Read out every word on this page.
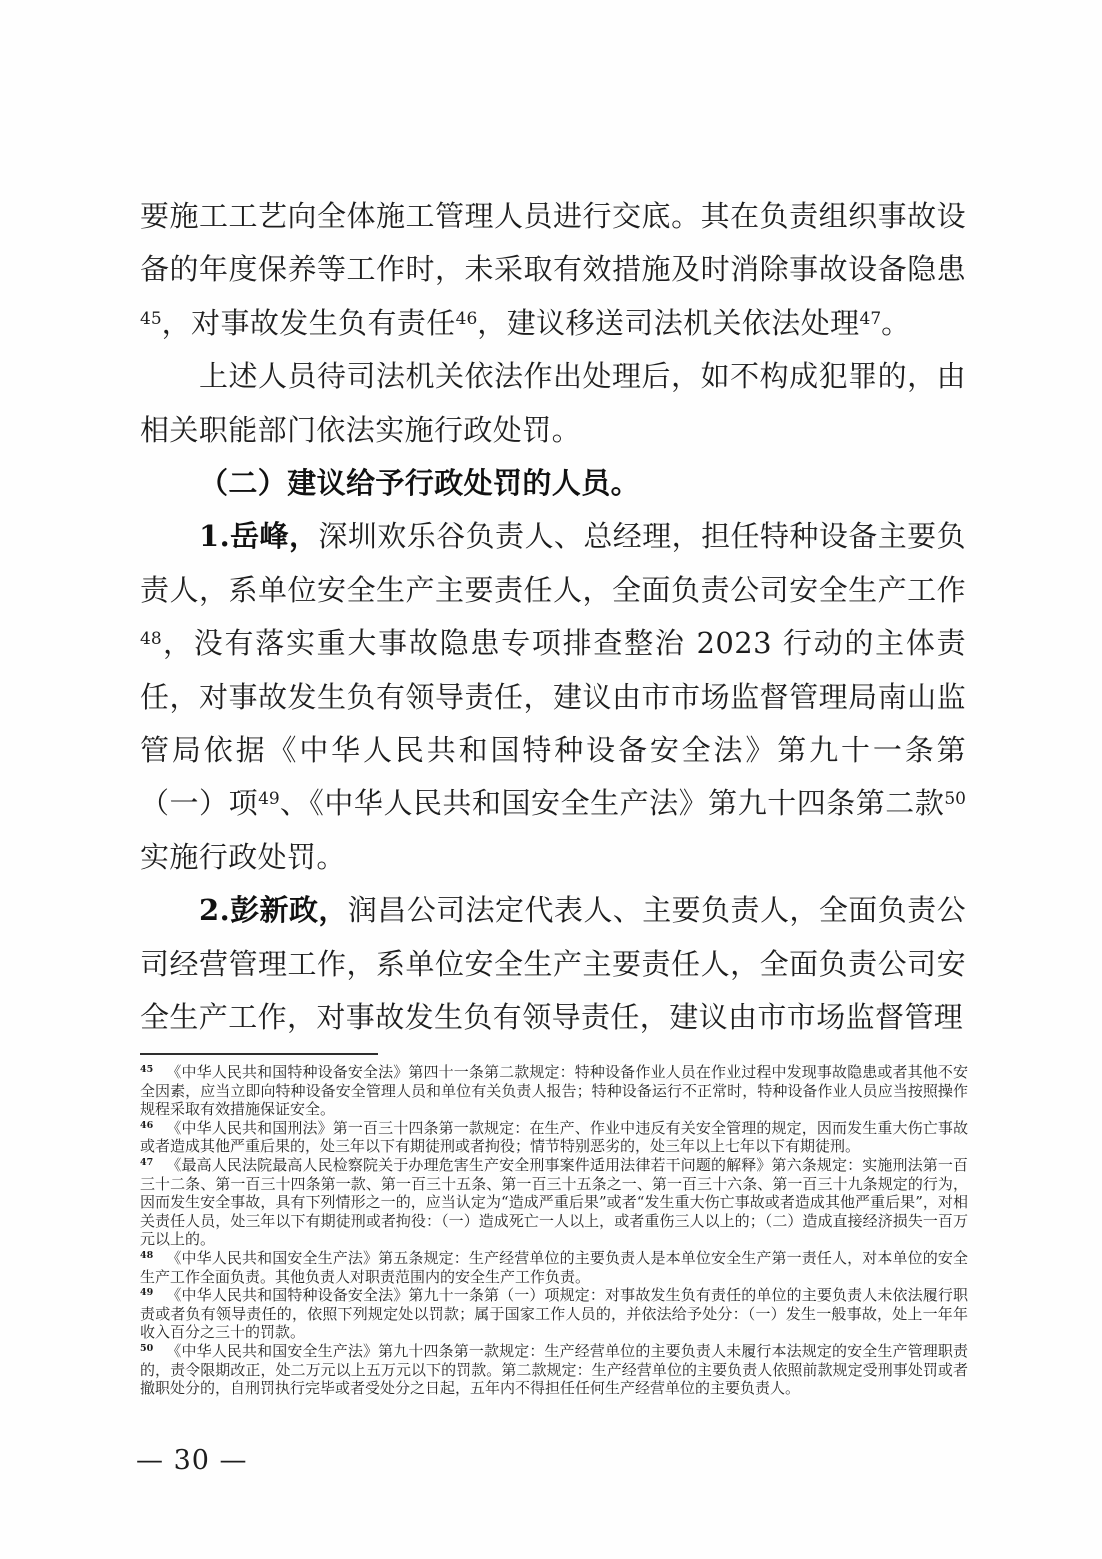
要施工工艺向全体施工管理人员进行交底。其在负责组织事故设备的年度保养等工作时，未采取有效措施及时消除事故设备隐患$^{45}$，对事故发生负有责任$^{46}$，建议移送司法机关依法处理$^{47}$。

上述人员待司法机关依法作出处理后，如不构成犯罪的，由相关职能部门依法实施行政处罚。

（二）建议给予行政处罚的人员。

1.岳峰，深圳欢乐谷负责人、总经理，担任特种设备主要负责人，系单位安全生产主要责任人，全面负责公司安全生产工作$^{48}$，没有落实重大事故隐患专项排查整治 2023 行动的主体责任，对事故发生负有领导责任，建议由市市场监督管理局南山监管局依据《中华人民共和国特种设备安全法》第九十一条第（一）项$^{49}$、《中华人民共和国安全生产法》第九十四条第二款$^{50}$实施行政处罚。

2.彭新政，润昌公司法定代表人、主要负责人，全面负责公司经营管理工作，系单位安全生产主要责任人，全面负责公司安全生产工作，对事故发生负有领导责任，建议由市市场监督管理

$^{45}$ 《中华人民共和国特种设备安全法》第四十一条第二款规定：特种设备作业人员在作业过程中发现事故隐患或者其他不安全因素，应当立即向特种设备安全管理人员和单位有关负责人报告；特种设备运行不正常时，特种设备作业人员应当按照操作规程采取有效措施保证安全。

$^{46}$ 《中华人民共和国刑法》第一百三十四条第一款规定：在生产、作业中违反有关安全管理的规定，因而发生重大伤亡事故或者造成其他严重后果的，处三年以下有期徒刑或者拘役；情节特别恶劣的，处三年以上七年以下有期徒刑。

$^{47}$ 《最高人民法院最高人民检察院关于办理危害生产安全刑事案件适用法律若干问题的解释》第六条规定：实施刑法第一百三十二条、第一百三十四条第一款、第一百三十五条、第一百三十五条之一、第一百三十六条、第一百三十九条规定的行为，因而发生安全事故，具有下列情形之一的，应当认定为“造成严重后果”或者“发生重大伤亡事故或者造成其他严重后果”，对相关责任人员，处三年以下有期徒刑或者拘役：（一）造成死亡一人以上，或者重伤三人以上的；（二）造成直接经济损失一百万元以上的。

$^{48}$ 《中华人民共和国安全生产法》第五条规定：生产经营单位的主要负责人是本单位安全生产第一责任人，对本单位的安全生产工作全面负责。其他负责人对职责范围内的安全生产工作负责。

$^{49}$ 《中华人民共和国特种设备安全法》第九十一条第（一）项规定：对事故发生负有责任的单位的主要负责人未依法履行职责或者负有领导责任的，依照下列规定处以罚款；属于国家工作人员的，并依法给予处分：（一）发生一般事故，处上一年年收入百分之三十的罚款。

$^{50}$ 《中华人民共和国安全生产法》第九十四条第一款规定：生产经营单位的主要负责人未履行本法规定的安全生产管理职责的，责令限期改正，处二万元以上五万元以下的罚款。第二款规定：生产经营单位的主要负责人依照前款规定受刑事处罚或者撤职处分的，自刑罚执行完毕或者受处分之日起，五年内不得担任任何生产经营单位的主要负责人。

— 30 —
